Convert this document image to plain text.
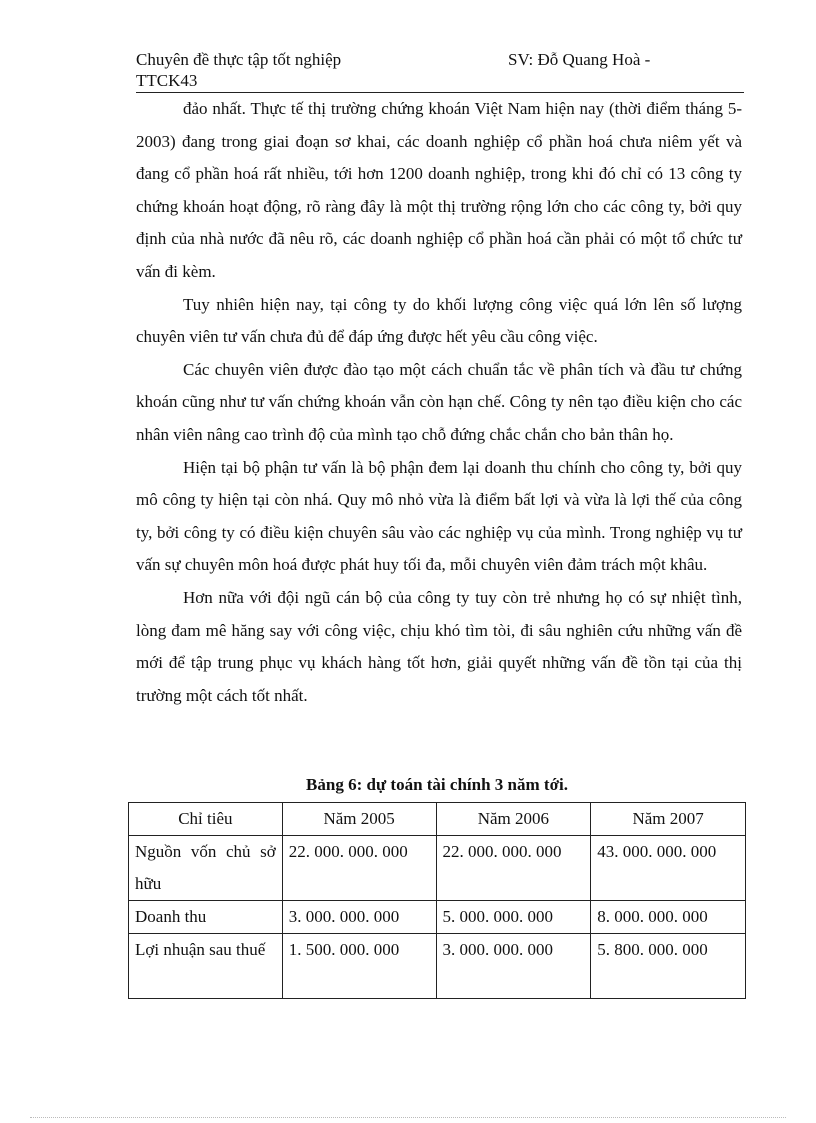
Chuyên đề thực tập tốt nghiệp	SV: Đỗ Quang Hoà -
TTCK43

đảo nhất. Thực tế thị trường chứng khoán Việt Nam hiện nay (thời điểm tháng 5- 2003) đang trong giai đoạn sơ khai, các doanh nghiệp cổ phần hoá chưa niêm yết và đang cổ phần hoá rất nhiều, tới hơn 1200 doanh nghiệp, trong khi đó chỉ có 13 công ty chứng khoán hoạt động, rõ ràng đây là một thị trường rộng lớn cho các công ty, bởi quy định của nhà nước đã nêu rõ, các doanh nghiệp cổ phần hoá cần phải có một tổ chức tư vấn đi kèm.

Tuy nhiên hiện nay, tại công ty do khối lượng công việc quá lớn lên số lượng chuyên viên tư vấn chưa đủ để đáp ứng được hết yêu cầu công việc.

Các chuyên viên được đào tạo một cách chuẩn tắc về phân tích và đầu tư chứng khoán cũng như tư vấn chứng khoán vẫn còn hạn chế. Công ty nên tạo điều kiện cho các nhân viên nâng cao trình độ của mình tạo chỗ đứng chắc chắn cho bản thân họ.

Hiện tại bộ phận tư vấn là bộ phận đem lại doanh thu chính cho công ty, bởi quy mô công ty hiện tại còn nhá. Quy mô nhỏ vừa là điểm bất lợi và vừa là lợi thế của công ty, bởi công ty có điều kiện chuyên sâu vào các nghiệp vụ của mình. Trong nghiệp vụ tư vấn sự chuyên môn hoá được phát huy tối đa, mỗi chuyên viên đảm trách một khâu.

Hơn nữa với đội ngũ cán bộ của công ty tuy còn trẻ nhưng họ có sự nhiệt tình, lòng đam mê hăng say với công việc, chịu khó tìm tòi, đi sâu nghiên cứu những vấn đề mới để tập trung phục vụ khách hàng tốt hơn, giải quyết những vấn đề tồn tại của thị trường một cách tốt nhất.

Bảng 6: dự toán tài chính 3 năm tới.
Chỉ tiêu	Năm 2005	Năm 2006	Năm 2007
Nguồn vốn chủ sở hữu	22. 000. 000. 000	22. 000. 000. 000	43. 000. 000. 000
Doanh thu	3. 000. 000. 000	5. 000. 000. 000	8. 000. 000. 000
Lợi nhuận sau thuế	1. 500. 000. 000	3. 000. 000. 000	5. 800. 000. 000
